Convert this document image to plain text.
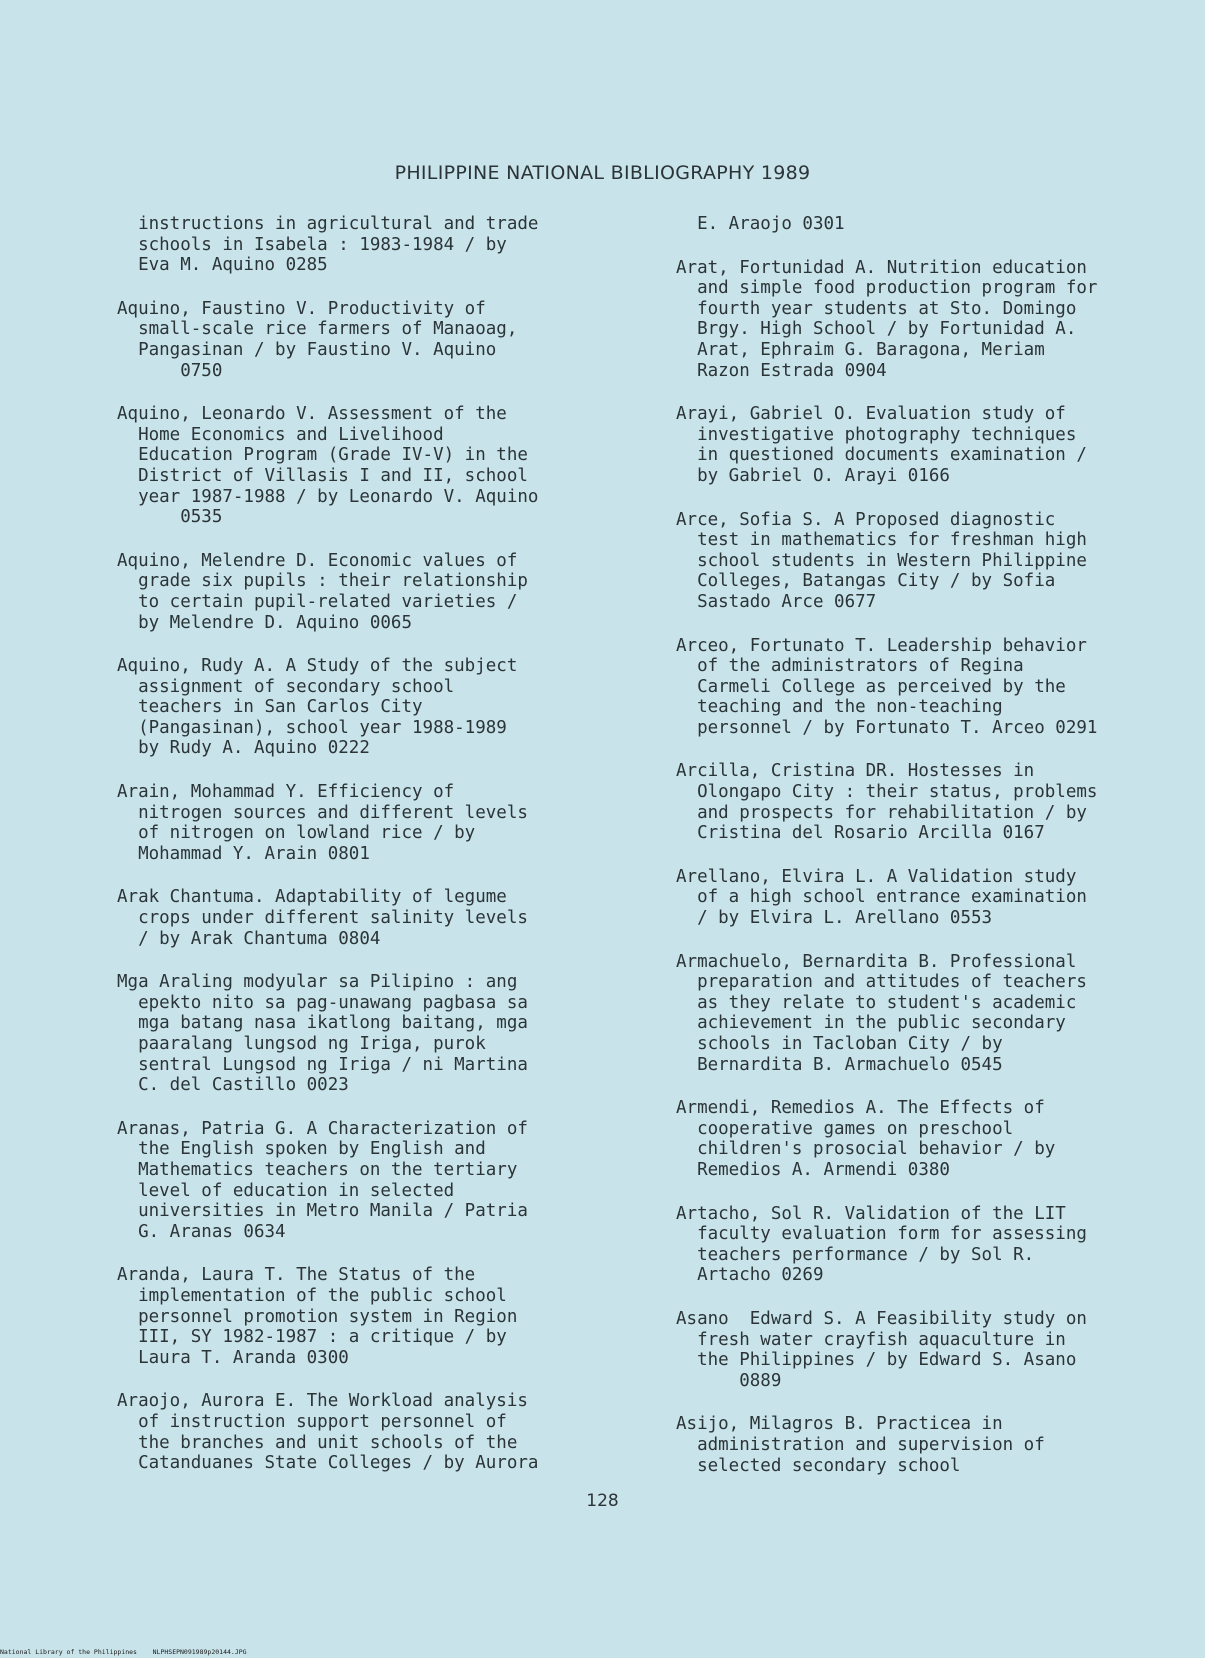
PHILIPPINE NATIONAL BIBLIOGRAPHY 1989
instructions in agricultural and trade
schools in Isabela : 1983-1984 / by
Eva M. Aquino 0285
Aquino, Faustino V. Productivity of
small-scale rice farmers of Manaoag,
Pangasinan / by Faustino V. Aquino
0750
Aquino, Leonardo V. Assessment of the
Home Economics and Livelihood
Education Program (Grade IV-V) in the
District of Villasis I and II, school
year 1987-1988 / by Leonardo V. Aquino
0535
Aquino, Melendre D. Economic values of
grade six pupils : their relationship
to certain pupil-related varieties /
by Melendre D. Aquino 0065
Aquino, Rudy A. A Study of the subject
assignment of secondary school
teachers in San Carlos City
(Pangasinan), school year 1988-1989
by Rudy A. Aquino 0222
Arain, Mohammad Y. Efficiency of
nitrogen sources and different levels
of nitrogen on lowland rice / by
Mohammad Y. Arain 0801
Arak Chantuma. Adaptability of legume
crops under different salinity levels
/ by Arak Chantuma 0804
Mga Araling modyular sa Pilipino : ang
epekto nito sa pag-unawang pagbasa sa
mga batang nasa ikatlong baitang, mga
paaralang lungsod ng Iriga, purok
sentral Lungsod ng Iriga / ni Martina
C. del Castillo 0023
Aranas, Patria G. A Characterization of
the English spoken by English and
Mathematics teachers on the tertiary
level of education in selected
universities in Metro Manila / Patria
G. Aranas 0634
Aranda, Laura T. The Status of the
implementation of the public school
personnel promotion system in Region
III, SY 1982-1987 : a critique / by
Laura T. Aranda 0300
Araojo, Aurora E. The Workload analysis
of instruction support personnel of
the branches and unit schools of the
Catanduanes State Colleges / by Aurora
E. Araojo 0301
Arat, Fortunidad A. Nutrition education
and simple food production program for
fourth year students at Sto. Domingo
Brgy. High School / by Fortunidad A.
Arat, Ephraim G. Baragona, Meriam
Razon Estrada 0904
Arayi, Gabriel O. Evaluation study of
investigative photography techniques
in questioned documents examination /
by Gabriel O. Arayi 0166
Arce, Sofia S. A Proposed diagnostic
test in mathematics for freshman high
school students in Western Philippine
Colleges, Batangas City / by Sofia
Sastado Arce 0677
Arceo, Fortunato T. Leadership behavior
of the administrators of Regina
Carmeli College as perceived by the
teaching and the non-teaching
personnel / by Fortunato T. Arceo 0291
Arcilla, Cristina DR. Hostesses in
Olongapo City : their status, problems
and prospects for rehabilitation / by
Cristina del Rosario Arcilla 0167
Arellano, Elvira L. A Validation study
of a high school entrance examination
/ by Elvira L. Arellano 0553
Armachuelo, Bernardita B. Professional
preparation and attitudes of teachers
as they relate to student's academic
achievement in the public secondary
schools in Tacloban City / by
Bernardita B. Armachuelo 0545
Armendi, Remedios A. The Effects of
cooperative games on preschool
children's prosocial behavior / by
Remedios A. Armendi 0380
Artacho, Sol R. Validation of the LIT
faculty evaluation form for assessing
teachers performance / by Sol R.
Artacho 0269
Asano  Edward S. A Feasibility study on
fresh water crayfish aquaculture in
the Philippines / by Edward S. Asano
0889
Asijo, Milagros B. Practicea in
administration and supervision of
selected secondary school
128
National Library of the Philippines NLPHSEPN091989p20144.JPG
